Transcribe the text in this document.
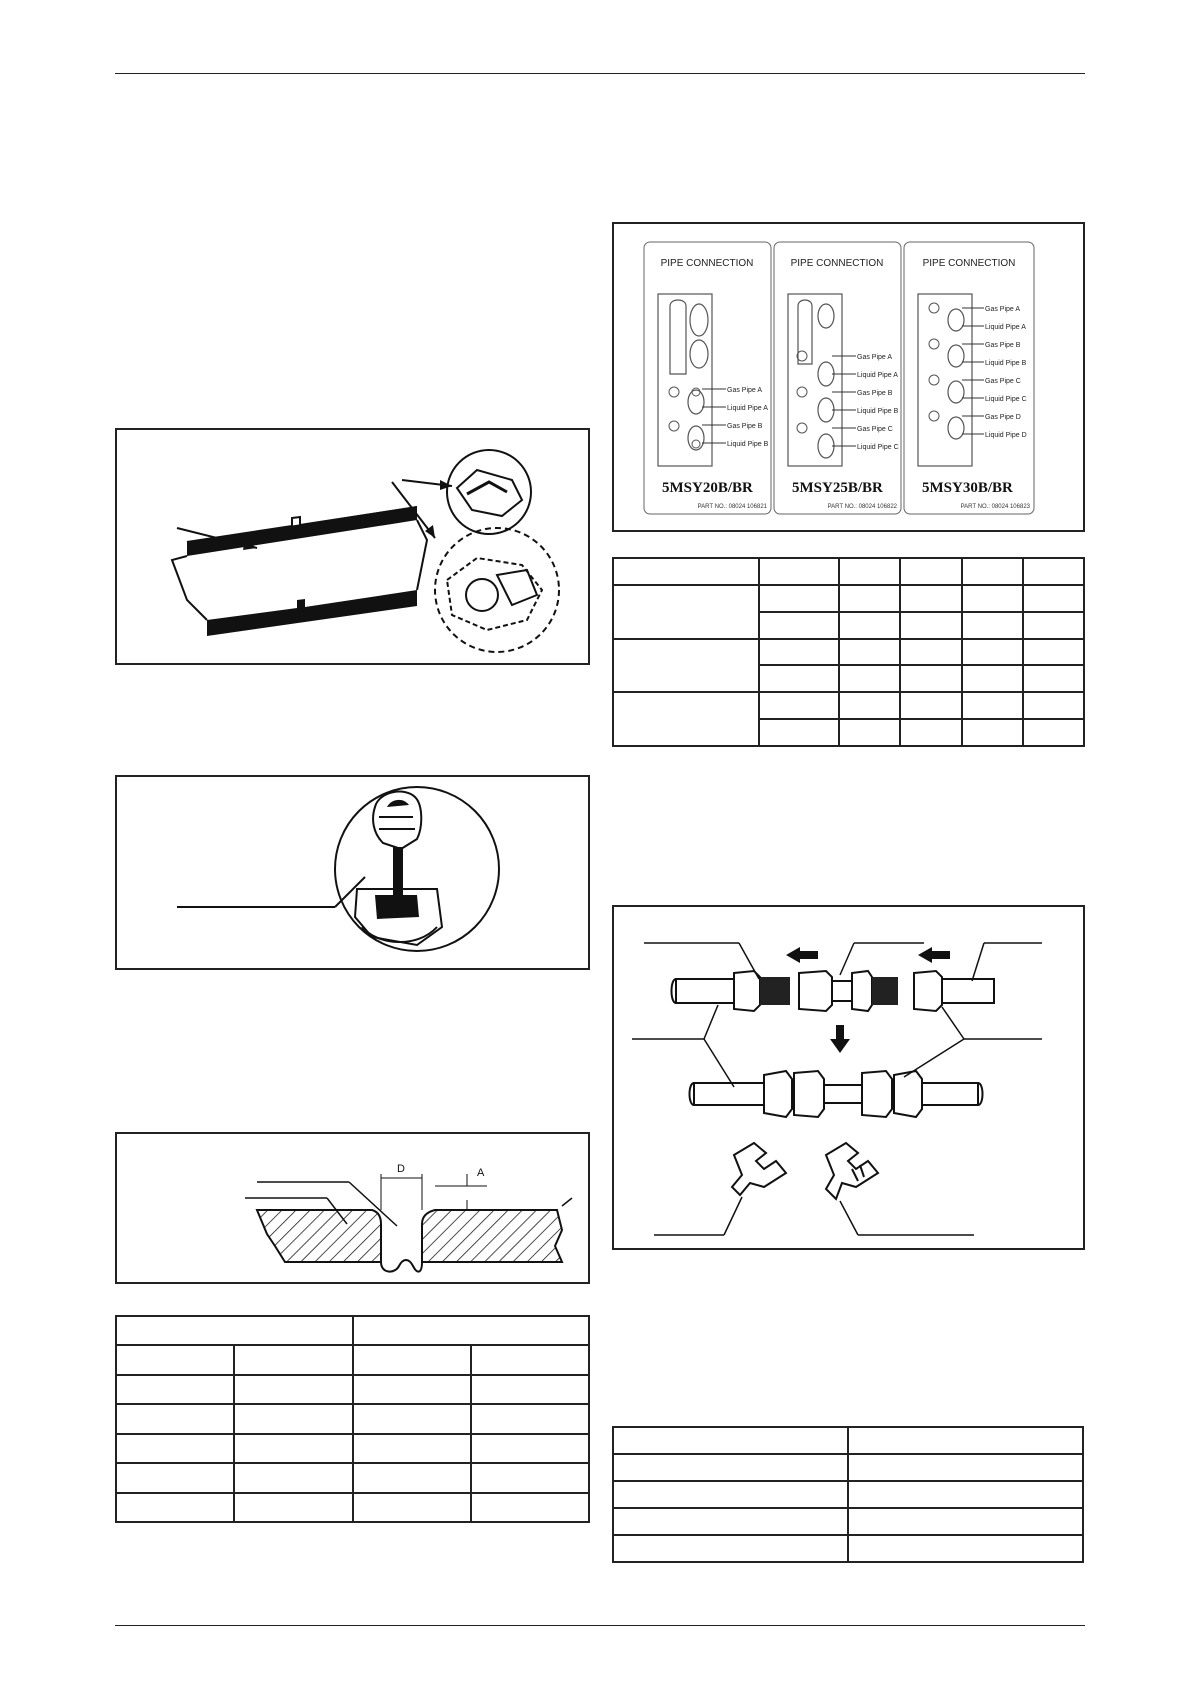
D	A

PIPE CONNECTION
Gas Pipe A
Liquid Pipe A
Gas Pipe B
Liquid Pipe B
5MSY20B/BR
PART NO.: 08024 106821
PIPE CONNECTION
Gas Pipe A
Liquid Pipe A
Gas Pipe B
Liquid Pipe B
Gas Pipe C
Liquid Pipe C
5MSY25B/BR
PART NO.: 08024 106822
PIPE CONNECTION
Gas Pipe A
Liquid Pipe A
Gas Pipe B
Liquid Pipe B
Gas Pipe C
Liquid Pipe C
Gas Pipe D
Liquid Pipe D
5MSY30B/BR
PART NO.: 08024 106823
